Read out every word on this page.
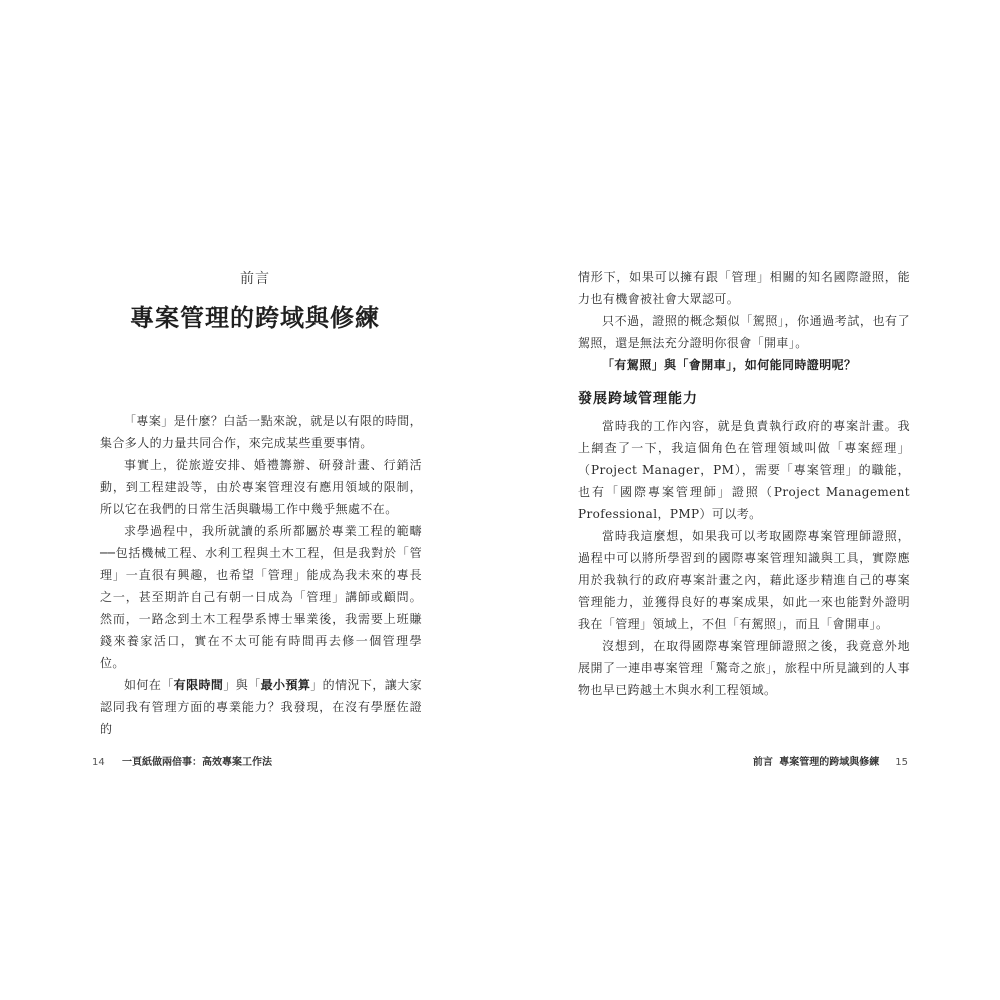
前言
專案管理的跨域與修練

「專案」是什麼？白話一點來說，就是以有限的時間，集合多人的力量共同合作，來完成某些重要事情。

事實上，從旅遊安排、婚禮籌辦、研發計畫、行銷活動，到工程建設等，由於專案管理沒有應用領域的限制，所以它在我們的日常生活與職場工作中幾乎無處不在。

求學過程中，我所就讀的系所都屬於專業工程的範疇──包括機械工程、水利工程與土木工程，但是我對於「管理」一直很有興趣，也希望「管理」能成為我未來的專長之一，甚至期許自己有朝一日成為「管理」講師或顧問。然而，一路念到土木工程學系博士畢業後，我需要上班賺錢來養家活口，實在不太可能有時間再去修一個管理學位。

如何在「有限時間」與「最小預算」的情況下，讓大家認同我有管理方面的專業能力？我發現，在沒有學歷佐證的

14 一頁紙做兩倍事：高效專案工作法

情形下，如果可以擁有跟「管理」相關的知名國際證照，能力也有機會被社會大眾認可。

只不過，證照的概念類似「駕照」，你通過考試，也有了駕照，還是無法充分證明你很會「開車」。

「有駕照」與「會開車」，如何能同時證明呢？

發展跨域管理能力

當時我的工作內容，就是負責執行政府的專案計畫。我上網查了一下，我這個角色在管理領域叫做「專案經理」（Project Manager，PM），需要「專案管理」的職能，也有「國際專案管理師」證照（Project Management Professional，PMP）可以考。

當時我這麼想，如果我可以考取國際專案管理師證照，過程中可以將所學習到的國際專案管理知識與工具，實際應用於我執行的政府專案計畫之內，藉此逐步精進自己的專案管理能力，並獲得良好的專案成果，如此一來也能對外證明我在「管理」領域上，不但「有駕照」，而且「會開車」。

沒想到，在取得國際專案管理師證照之後，我竟意外地展開了一連串專案管理「驚奇之旅」，旅程中所見識到的人事物也早已跨越土木與水利工程領域。

前言 專案管理的跨域與修練 15
